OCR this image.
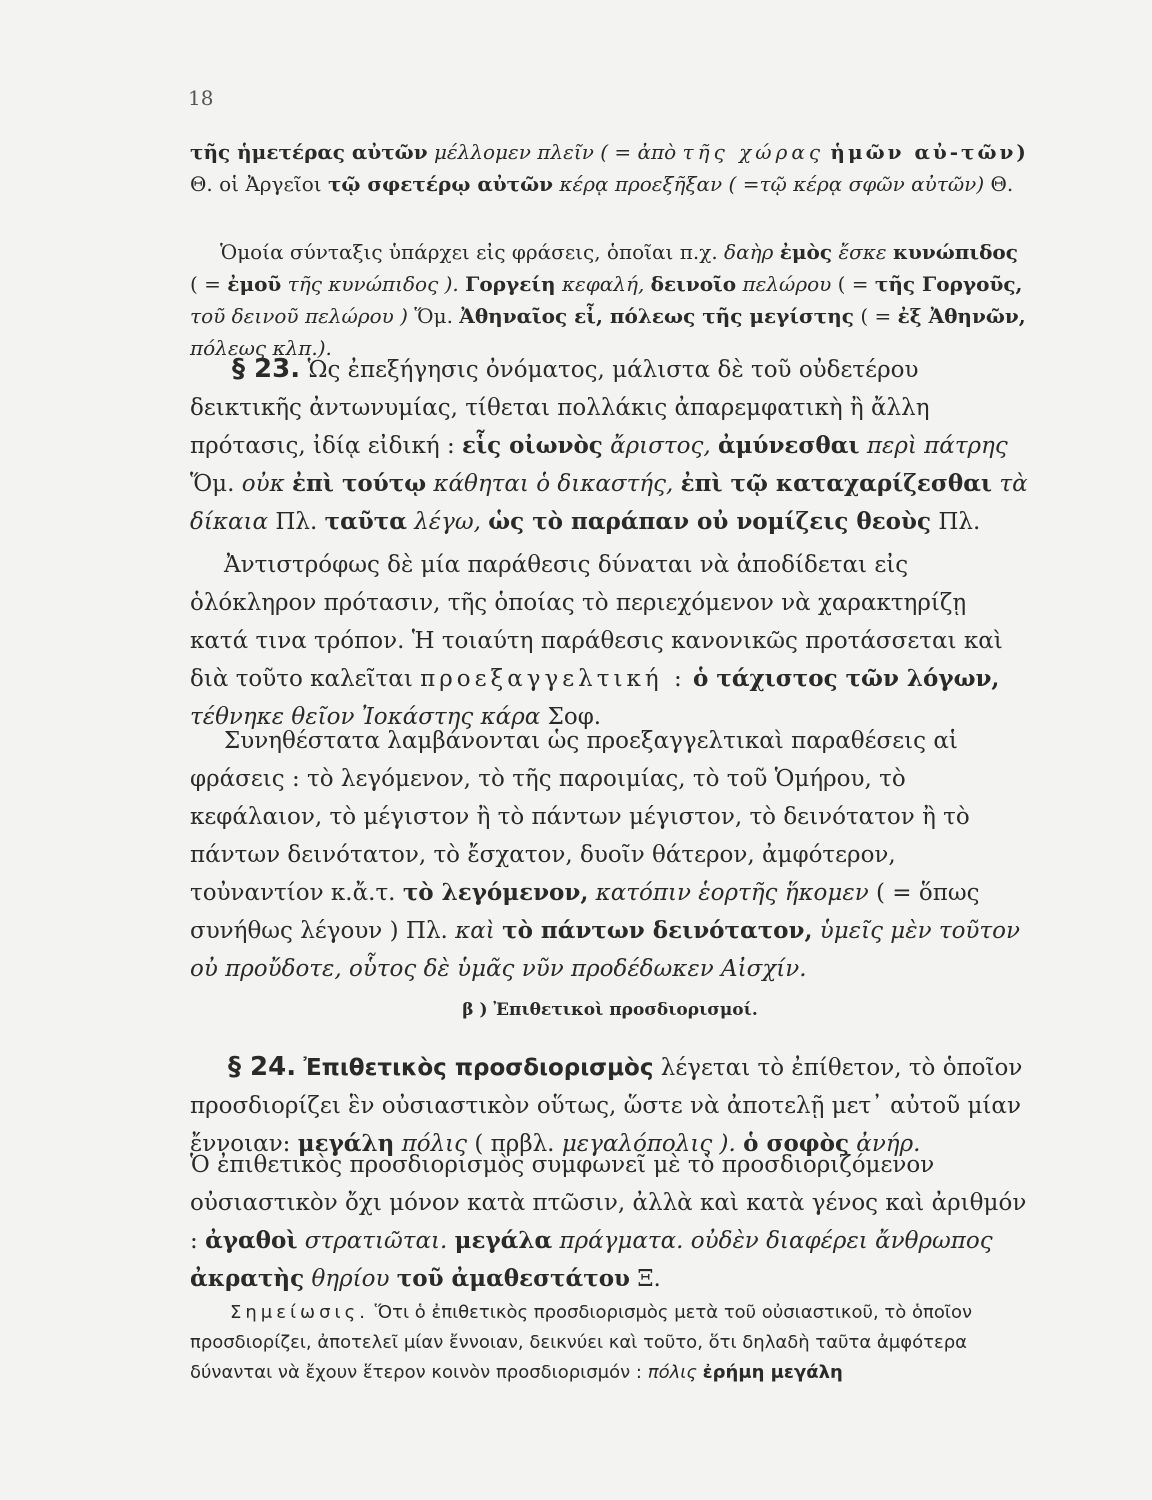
18
τῆς ἡμετέρας αὐτῶν μέλλομεν πλεῖν ( = ἀπὸ τῆς χώρας ἡμῶν αὐ-τῶν) Θ. οἱ Ἀργεῖοι τῷ σφετέρῳ αὐτῶν κέρᾳ προεξῆξαν ( =τῷ κέρᾳ σφῶν αὐτῶν) Θ.
Ὁμοία σύνταξις ὑπάρχει εἰς φράσεις, ὁποῖαι π.χ. δαὴρ ἐμὸς ἔσκε κυνώπιδος ( = ἐμοῦ τῆς κυνώπιδος ). Γοργείη κεφαλή, δεινοῖο πελώρου ( = τῆς Γοργοῦς, τοῦ δεινοῦ πελώρου ) Ὅμ. Ἀθηναῖος εἶ, πόλεως τῆς μεγίστης ( = ἐξ Ἀθηνῶν, πόλεως κλπ.).
§ 23. Ὡς ἐπεξήγησις ὀνόματος, μάλιστα δὲ τοῦ οὐδετέρου δεικτικῆς ἀντωνυμίας, τίθεται πολλάκις ἀπαρεμφατικὴ ἢ ἄλλη πρότασις, ἰδίᾳ εἰδική : εἷς οἰωνὸς ἄριστος, ἀμύνεσθαι περὶ πάτρης Ὅμ. οὐκ ἐπὶ τούτῳ κάθηται ὁ δικαστής, ἐπὶ τῷ καταχαρίζεσθαι τὰ δίκαια Πλ. ταῦτα λέγω, ὡς τὸ παράπαν οὐ νομίζεις θεοὺς Πλ.
Ἀντιστρόφως δὲ μία παράθεσις δύναται νὰ ἀποδίδεται εἰς ὁλόκληρον πρότασιν, τῆς ὁποίας τὸ περιεχόμενον νὰ χαρακτηρίζῃ κατά τινα τρόπον. Ἡ τοιαύτη παράθεσις κανονικῶς προτάσσεται καὶ διὰ τοῦτο καλεῖται προεξαγγελτική : ὁ τάχιστος τῶν λόγων, τέθνηκε θεῖον Ἰοκάστης κάρα Σοφ.
Συνηθέστατα λαμβάνονται ὡς προεξαγγελτικαὶ παραθέσεις αἱ φράσεις : τὸ λεγόμενον, τὸ τῆς παροιμίας, τὸ τοῦ Ὁμήρου, τὸ κεφάλαιον, τὸ μέγιστον ἢ τὸ πάντων μέγιστον, τὸ δεινότατον ἢ τὸ πάντων δεινότατον, τὸ ἔσχατον, δυοῖν θάτερον, ἀμφότερον, τοὐναντίον κ.ἄ.τ. τὸ λεγόμενον, κατόπιν ἑορτῆς ἥκομεν ( = ὅπως συνήθως λέγουν ) Πλ. καὶ τὸ πάντων δεινότατον, ὑμεῖς μὲν τοῦτον οὐ προὔδοτε, οὗτος δὲ ὑμᾶς νῦν προδέδωκεν Αἰσχίν.
β ) Ἐπιθετικοὶ προσδιορισμοί.
§ 24. Ἐπιθετικὸς προσδιορισμὸς λέγεται τὸ ἐπίθετον, τὸ ὁποῖον προσδιορίζει ἓν οὐσιαστικὸν οὕτως, ὥστε νὰ ἀποτελῇ μετ᾿ αὐτοῦ μίαν ἔννοιαν: μεγάλη πόλις ( πρβλ. μεγαλόπολις ). ὁ σοφὸς ἀνήρ.
Ὁ ἐπιθετικὸς προσδιορισμὸς συμφωνεῖ μὲ τὸ προσδιοριζόμενον οὐσιαστικὸν ὄχι μόνον κατὰ πτῶσιν, ἀλλὰ καὶ κατὰ γένος καὶ ἀριθμόν : ἀγαθοὶ στρατιῶται. μεγάλα πράγματα. οὐδὲν διαφέρει ἄνθρωπος ἀκρατὴς θηρίου τοῦ ἀμαθεστάτου Ξ.
Σημείωσις. Ὅτι ὁ ἐπιθετικὸς προσδιορισμὸς μετὰ τοῦ οὐσιαστικοῦ, τὸ ὁποῖον προσδιορίζει, ἀποτελεῖ μίαν ἔννοιαν, δεικνύει καὶ τοῦτο, ὅτι δηλαδὴ ταῦτα ἀμφότερα δύνανται νὰ ἔχουν ἕτερον κοινὸν προσδιορισμόν : πόλις ἐρήμη μεγάλη
